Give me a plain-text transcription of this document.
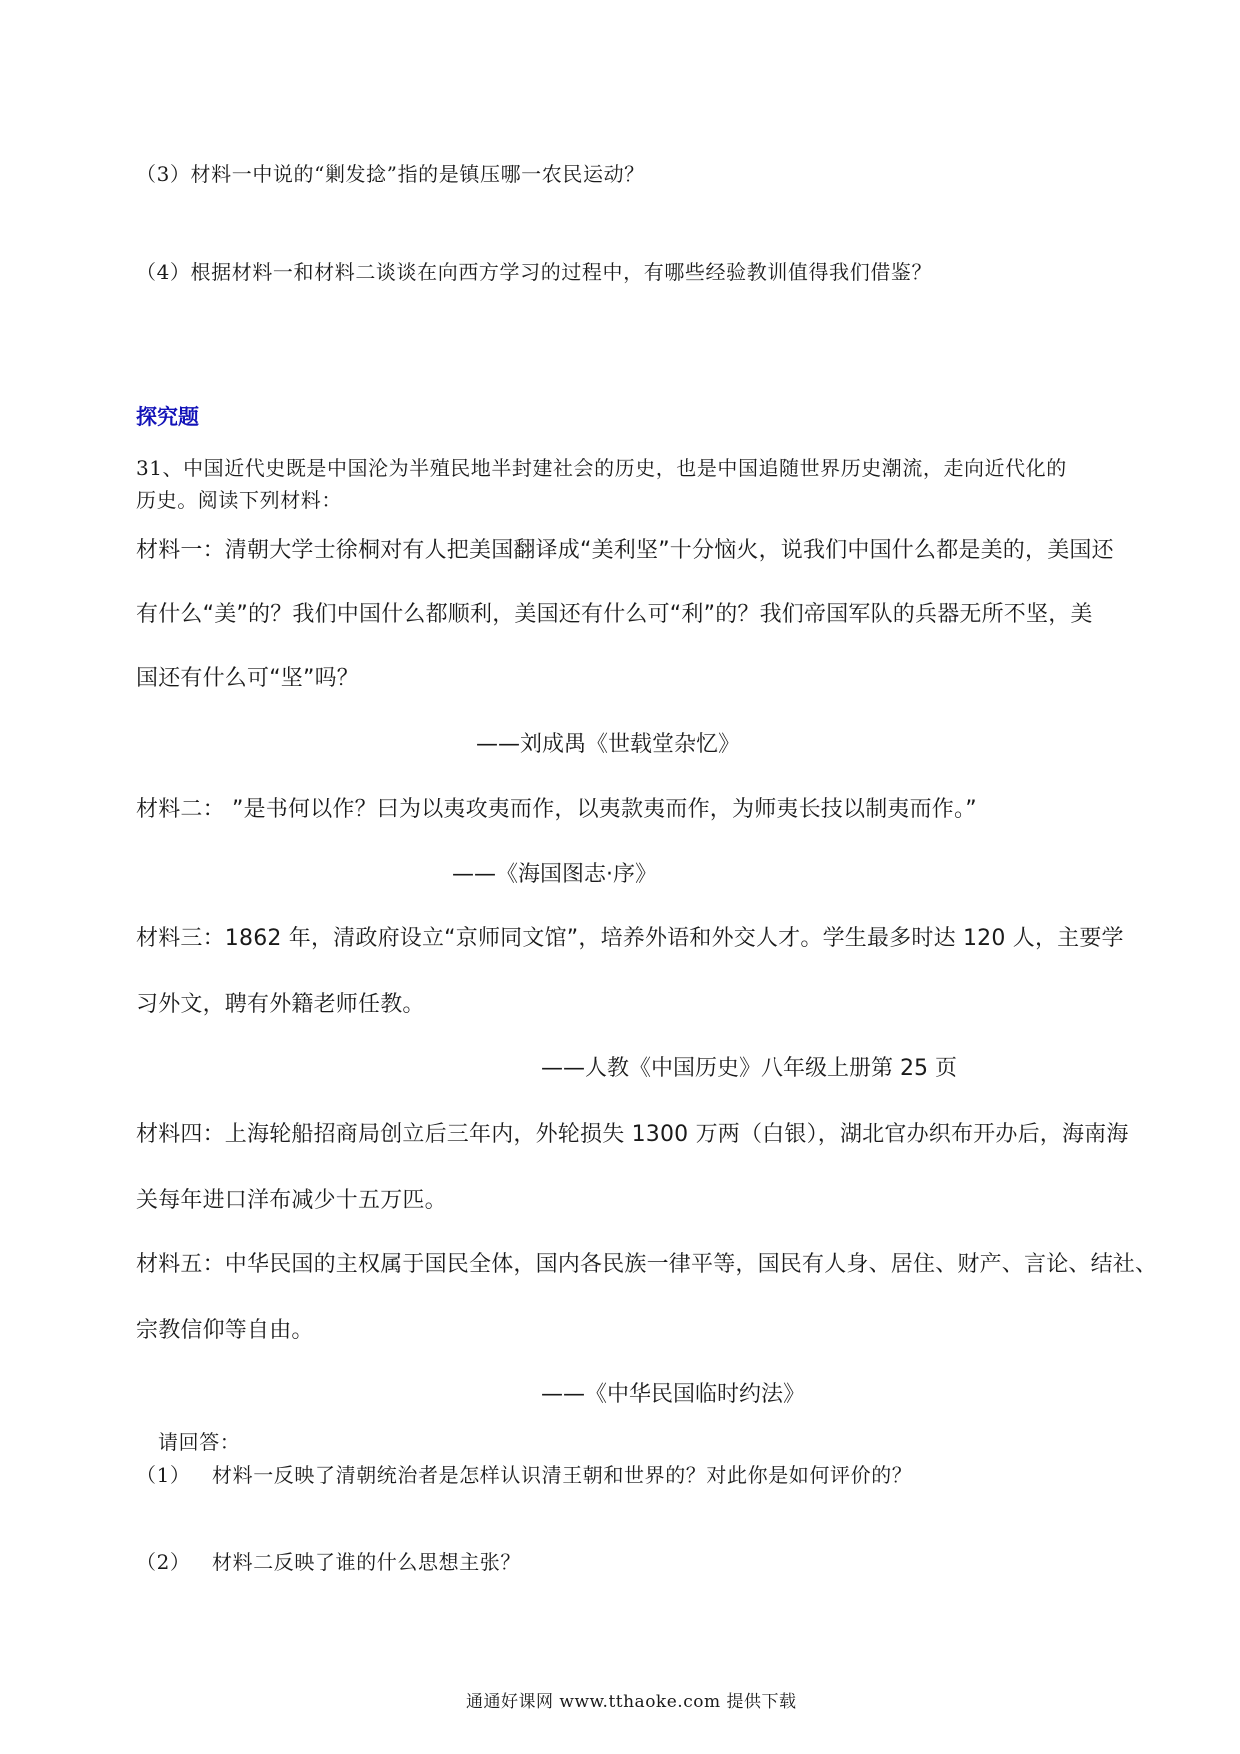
（3）材料一中说的“剿发捻”指的是镇压哪一农民运动？
（4）根据材料一和材料二谈谈在向西方学习的过程中，有哪些经验教训值得我们借鉴？
探究题
31、中国近代史既是中国沦为半殖民地半封建社会的历史，也是中国追随世界历史潮流，走向近代化的
历史。阅读下列材料：
材料一：清朝大学士徐桐对有人把美国翻译成“美利坚”十分恼火，说我们中国什么都是美的，美国还
有什么“美”的？我们中国什么都顺利，美国还有什么可“利”的？我们帝国军队的兵器无所不坚，美
国还有什么可“坚”吗？
——刘成禺《世载堂杂忆》
材料二： ”是书何以作？曰为以夷攻夷而作，以夷款夷而作，为师夷长技以制夷而作。”
——《海国图志·序》
材料三：1862 年，清政府设立“京师同文馆”，培养外语和外交人才。学生最多时达 120 人，主要学
习外文，聘有外籍老师任教。
——人教《中国历史》八年级上册第 25 页
材料四：上海轮船招商局创立后三年内，外轮损失 1300 万两（白银），湖北官办织布开办后，海南海
关每年进口洋布减少十五万匹。
材料五：中华民国的主权属于国民全体，国内各民族一律平等，国民有人身、居住、财产、言论、结社、
宗教信仰等自由。
——《中华民国临时约法》
请回答：
（1） 材料一反映了清朝统治者是怎样认识清王朝和世界的？对此你是如何评价的？
（2） 材料二反映了谁的什么思想主张？
通通好课网 www.tthaoke.com 提供下载
